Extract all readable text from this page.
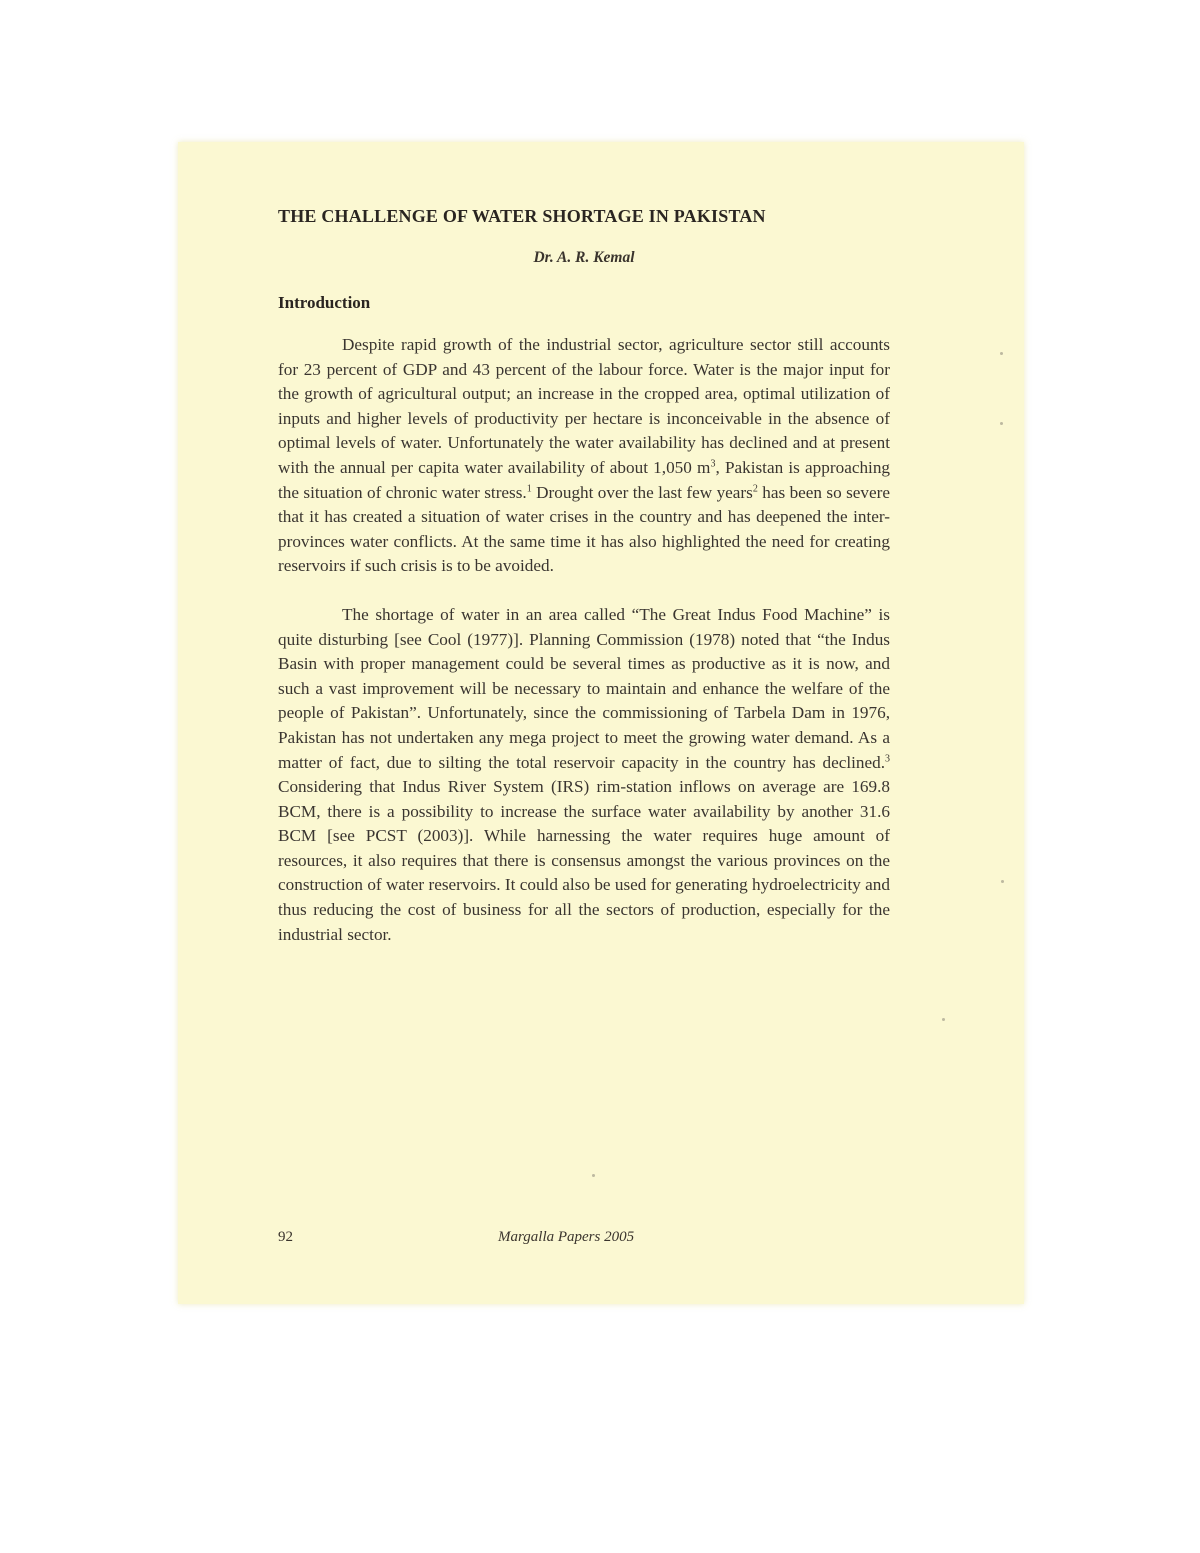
THE CHALLENGE OF WATER SHORTAGE IN PAKISTAN
Dr. A. R. Kemal
Introduction

Despite rapid growth of the industrial sector, agriculture sector still accounts for 23 percent of GDP and 43 percent of the labour force. Water is the major input for the growth of agricultural output; an increase in the cropped area, optimal utilization of inputs and higher levels of productivity per hectare is inconceivable in the absence of optimal levels of water. Unfortunately the water availability has declined and at present with the annual per capita water availability of about 1,050 $m^3$, Pakistan is approaching the situation of chronic water stress.$^1$ Drought over the last few years$^2$ has been so severe that it has created a situation of water crises in the country and has deepened the inter-provinces water conflicts. At the same time it has also highlighted the need for creating reservoirs if such crisis is to be avoided.

The shortage of water in an area called “The Great Indus Food Machine” is quite disturbing [see Cool (1977)]. Planning Commission (1978) noted that “the Indus Basin with proper management could be several times as productive as it is now, and such a vast improvement will be necessary to maintain and enhance the welfare of the people of Pakistan”. Unfortunately, since the commissioning of Tarbela Dam in 1976, Pakistan has not undertaken any mega project to meet the growing water demand. As a matter of fact, due to silting the total reservoir capacity in the country has declined.$^3$ Considering that Indus River System (IRS) rim-station inflows on average are 169.8 BCM, there is a possibility to increase the surface water availability by another 31.6 BCM [see PCST (2003)]. While harnessing the water requires huge amount of resources, it also requires that there is consensus amongst the various provinces on the construction of water reservoirs. It could also be used for generating hydroelectricity and thus reducing the cost of business for all the sectors of production, especially for the industrial sector.

92	Margalla Papers 2005
